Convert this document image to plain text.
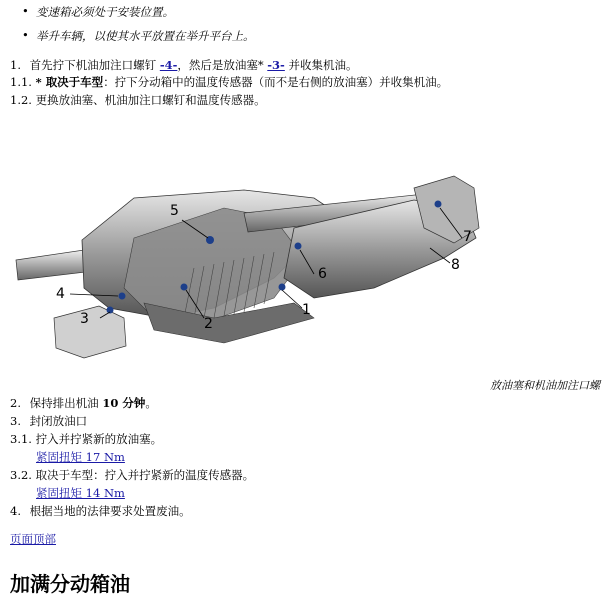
• 变速箱必须处于安装位置。
• 举升车辆，以使其水平放置在举升平台上。
1. 首先拧下机油加注口螺钉 -4-，然后是放油塞* -3- 并收集机油。
1.1. * 取决于车型：拧下分动箱中的温度传感器（而不是右侧的放油塞）并收集机油。
1.2. 更换放油塞、机油加注口螺钉和温度传感器。
1
2
3
4
5
6
7
8
放油塞和机油加注口螺
2. 保持排出机油 10 分钟。
3. 封闭放油口
3.1. 拧入并拧紧新的放油塞。
紧固扭矩 17 Nm
3.2. 取决于车型：拧入并拧紧新的温度传感器。
紧固扭矩 14 Nm
4. 根据当地的法律要求处置废油。
页面顶部
加满分动箱油
